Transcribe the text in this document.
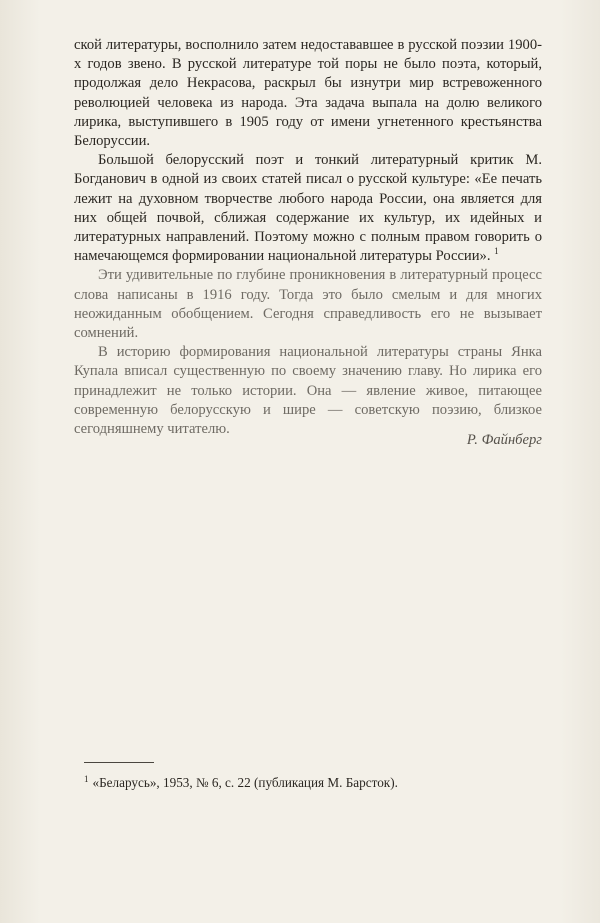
ской литературы, восполнило затем недостававшее в русской поэзии 1900-х годов звено. В русской литературе той поры не было поэта, который, продолжая дело Некрасова, раскрыл бы изнутри мир встревоженного революцией человека из народа. Эта задача выпала на долю великого лирика, выступившего в 1905 году от имени угнетенного крестьянства Белоруссии.

Большой белорусский поэт и тонкий литературный критик М. Богданович в одной из своих статей писал о русской культуре: «Ее печать лежит на духовном творчестве любого народа России, она является для них общей почвой, сближая содержание их культур, их идейных и литературных направлений. Поэтому можно с полным правом говорить о намечающемся формировании национальной литературы России». $^1$

Эти удивительные по глубине проникновения в литературный процесс слова написаны в 1916 году. Тогда это было смелым и для многих неожиданным обобщением. Сегодня справедливость его не вызывает сомнений.

В историю формирования национальной литературы страны Янка Купала вписал существенную по своему значению главу. Но лирика его принадлежит не только истории. Она — явление живое, питающее современную белорусскую и шире — советскую поэзию, близкое сегодняшнему читателю.

Р. Файнберг
$^1$ «Беларусь», 1953, № 6, с. 22 (публикация М. Барсток).
